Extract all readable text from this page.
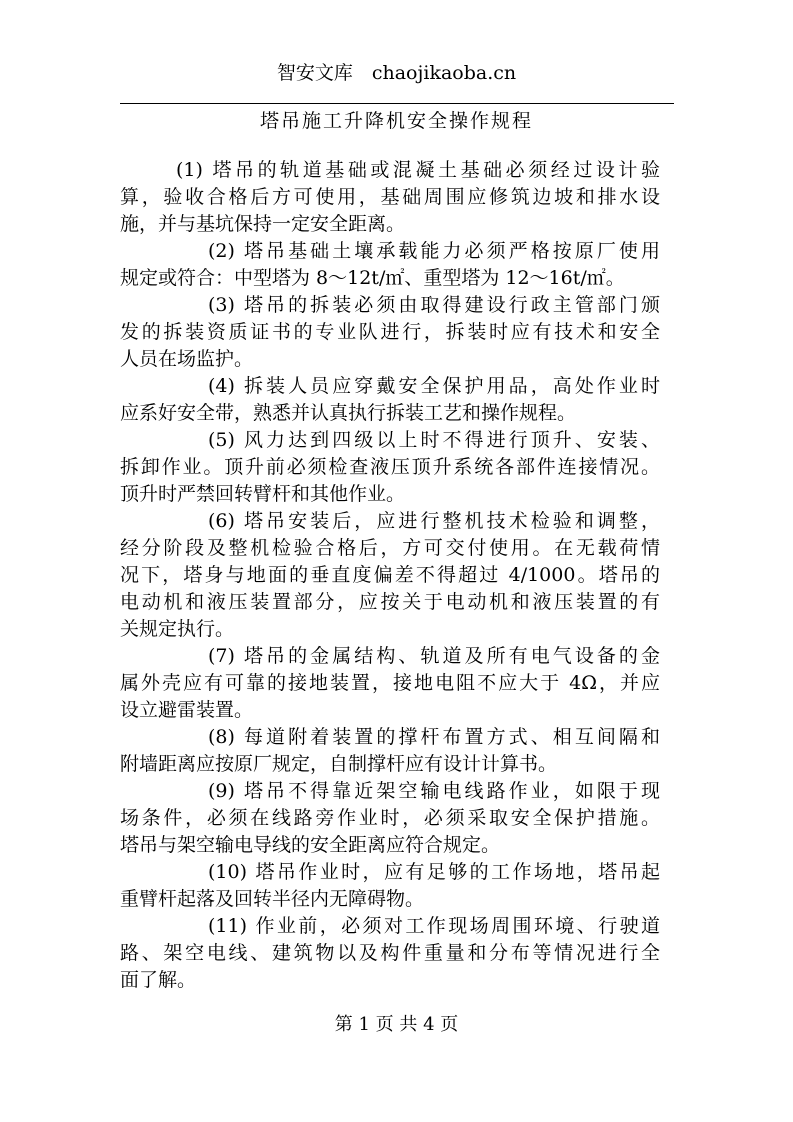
智安文库　chaojikaoba.cn
塔吊施工升降机安全操作规程
(1) 塔吊的轨道基础或混凝土基础必须经过设计验
算，验收合格后方可使用，基础周围应修筑边坡和排水设
施，并与基坑保持一定安全距离。
(2) 塔吊基础土壤承载能力必须严格按原厂使用
规定或符合：中型塔为 8～12t/㎡、重型塔为 12～16t/㎡。
(3) 塔吊的拆装必须由取得建设行政主管部门颁
发的拆装资质证书的专业队进行，拆装时应有技术和安全
人员在场监护。
(4) 拆装人员应穿戴安全保护用品，高处作业时
应系好安全带，熟悉并认真执行拆装工艺和操作规程。
(5) 风力达到四级以上时不得进行顶升、安装、
拆卸作业。顶升前必须检查液压顶升系统各部件连接情况。
顶升时严禁回转臂杆和其他作业。
(6) 塔吊安装后，应进行整机技术检验和调整，
经分阶段及整机检验合格后，方可交付使用。在无载荷情
况下，塔身与地面的垂直度偏差不得超过 4/1000。塔吊的
电动机和液压装置部分，应按关于电动机和液压装置的有
关规定执行。
(7) 塔吊的金属结构、轨道及所有电气设备的金
属外壳应有可靠的接地装置，接地电阻不应大于 4Ω，并应
设立避雷装置。
(8) 每道附着装置的撑杆布置方式、相互间隔和
附墙距离应按原厂规定，自制撑杆应有设计计算书。
(9) 塔吊不得靠近架空输电线路作业，如限于现
场条件，必须在线路旁作业时，必须采取安全保护措施。
塔吊与架空输电导线的安全距离应符合规定。
(10) 塔吊作业时，应有足够的工作场地，塔吊起
重臂杆起落及回转半径内无障碍物。
(11) 作业前，必须对工作现场周围环境、行驶道
路、架空电线、建筑物以及构件重量和分布等情况进行全
面了解。
第 1 页 共 4 页
